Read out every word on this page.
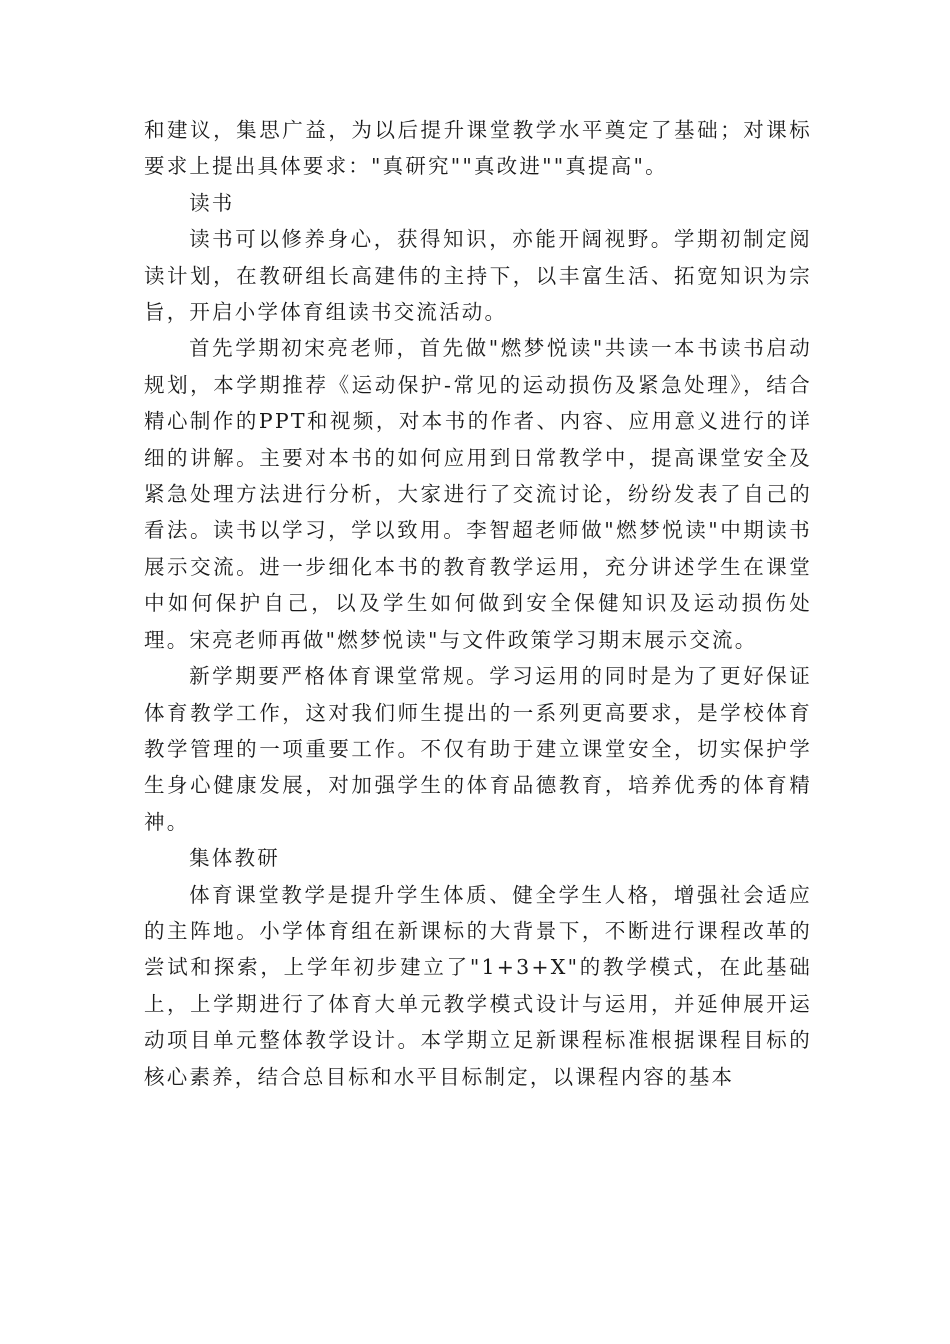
和建议，集思广益，为以后提升课堂教学水平奠定了基础；对课标要求上提出具体要求："真研究""真改进""真提高"。

读书

读书可以修养身心，获得知识，亦能开阔视野。学期初制定阅读计划，在教研组长高建伟的主持下，以丰富生活、拓宽知识为宗旨，开启小学体育组读书交流活动。

首先学期初宋亮老师，首先做"燃梦悦读"共读一本书读书启动规划，本学期推荐《运动保护-常见的运动损伤及紧急处理》，结合精心制作的PPT和视频，对本书的作者、内容、应用意义进行的详细的讲解。主要对本书的如何应用到日常教学中，提高课堂安全及紧急处理方法进行分析，大家进行了交流讨论，纷纷发表了自己的看法。读书以学习，学以致用。李智超老师做"燃梦悦读"中期读书展示交流。进一步细化本书的教育教学运用，充分讲述学生在课堂中如何保护自己，以及学生如何做到安全保健知识及运动损伤处理。宋亮老师再做"燃梦悦读"与文件政策学习期末展示交流。

新学期要严格体育课堂常规。学习运用的同时是为了更好保证体育教学工作，这对我们师生提出的一系列更高要求，是学校体育教学管理的一项重要工作。不仅有助于建立课堂安全，切实保护学生身心健康发展，对加强学生的体育品德教育，培养优秀的体育精神。

集体教研

体育课堂教学是提升学生体质、健全学生人格，增强社会适应的主阵地。小学体育组在新课标的大背景下，不断进行课程改革的尝试和探索，上学年初步建立了"1+3+X"的教学模式，在此基础上，上学期进行了体育大单元教学模式设计与运用，并延伸展开运动项目单元整体教学设计。本学期立足新课程标准根据课程目标的核心素养，结合总目标和水平目标制定，以课程内容的基本
